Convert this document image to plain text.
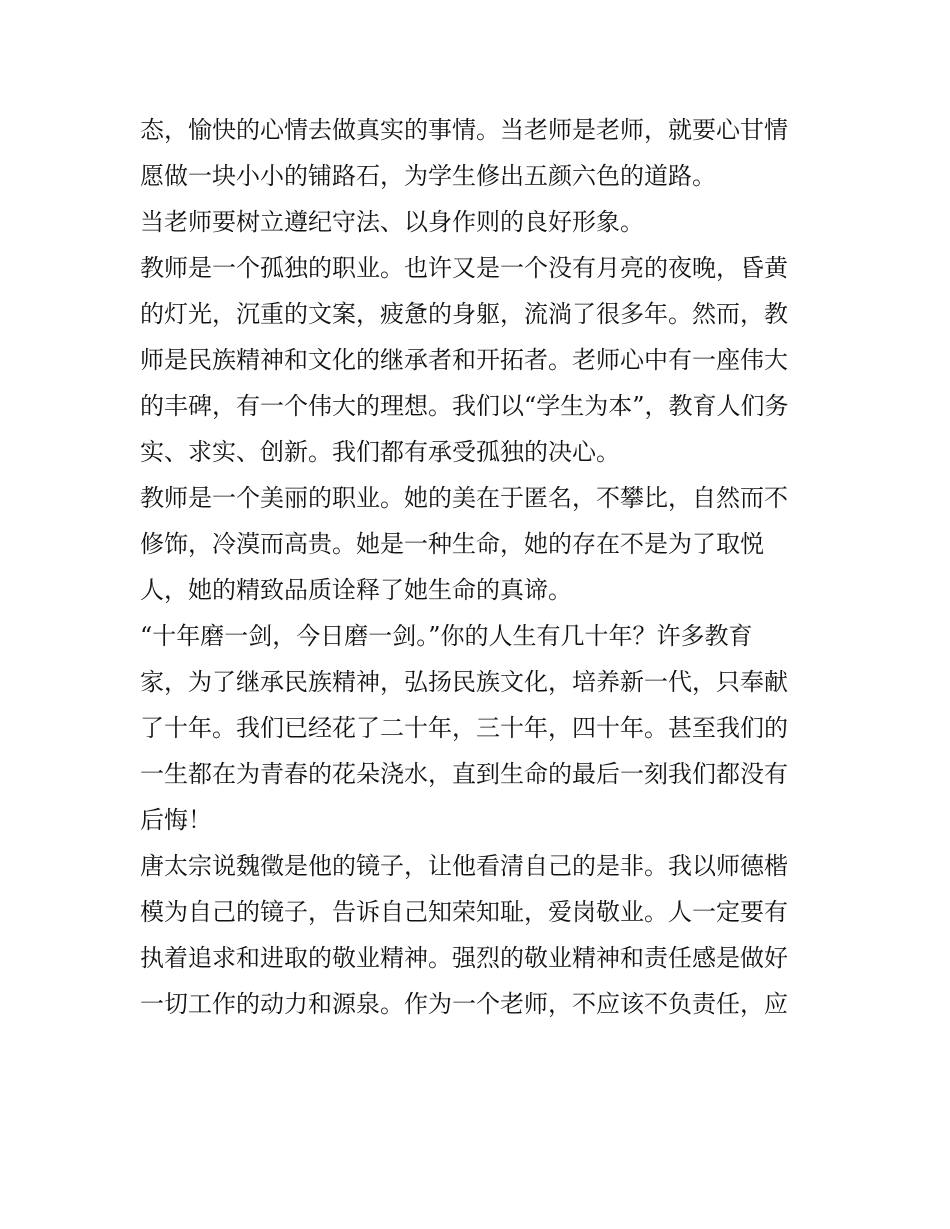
态，愉快的心情去做真实的事情。当老师是老师，就要心甘情
愿做一块小小的铺路石，为学生修出五颜六色的道路。
当老师要树立遵纪守法、以身作则的良好形象。
教师是一个孤独的职业。也许又是一个没有月亮的夜晚，昏黄
的灯光，沉重的文案，疲惫的身躯，流淌了很多年。然而，教
师是民族精神和文化的继承者和开拓者。老师心中有一座伟大
的丰碑，有一个伟大的理想。我们以“学生为本”，教育人们务
实、求实、创新。我们都有承受孤独的决心。
教师是一个美丽的职业。她的美在于匿名，不攀比，自然而不
修饰，冷漠而高贵。她是一种生命，她的存在不是为了取悦
人，她的精致品质诠释了她生命的真谛。
“十年磨一剑，今日磨一剑。”你的人生有几十年？许多教育
家，为了继承民族精神，弘扬民族文化，培养新一代，只奉献
了十年。我们已经花了二十年，三十年，四十年。甚至我们的
一生都在为青春的花朵浇水，直到生命的最后一刻我们都没有
后悔！
唐太宗说魏徵是他的镜子，让他看清自己的是非。我以师德楷
模为自己的镜子，告诉自己知荣知耻，爱岗敬业。人一定要有
执着追求和进取的敬业精神。强烈的敬业精神和责任感是做好
一切工作的动力和源泉。作为一个老师，不应该不负责任，应
